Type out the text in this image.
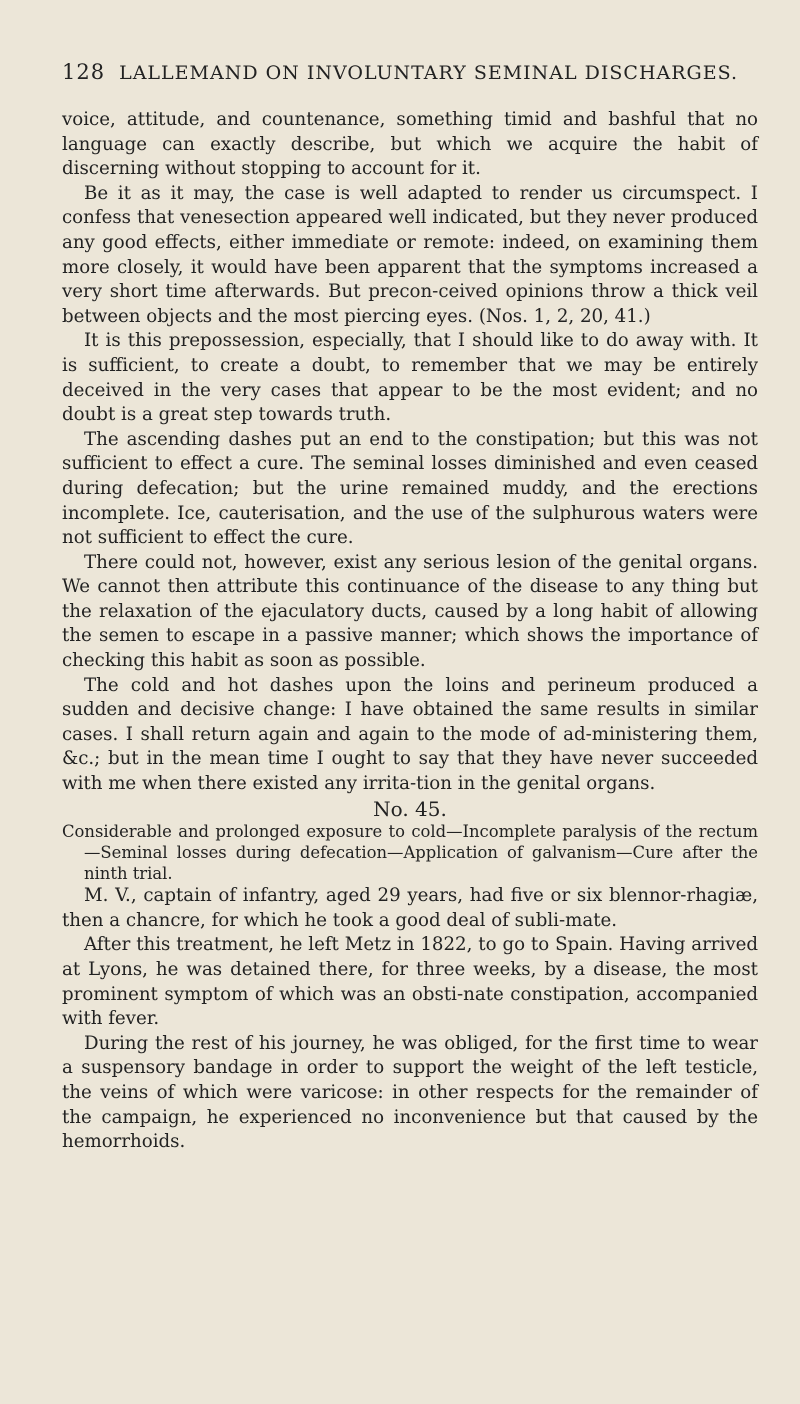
128 LALLEMAND ON INVOLUNTARY SEMINAL DISCHARGES.

voice, attitude, and countenance, something timid and bashful that no language can exactly describe, but which we acquire the habit of discerning without stopping to account for it.

Be it as it may, the case is well adapted to render us circumspect. I confess that venesection appeared well indicated, but they never produced any good effects, either immediate or remote: indeed, on examining them more closely, it would have been apparent that the symptoms increased a very short time afterwards. But precon-ceived opinions throw a thick veil between objects and the most piercing eyes. (Nos. 1, 2, 20, 41.)

It is this prepossession, especially, that I should like to do away with. It is sufficient, to create a doubt, to remember that we may be entirely deceived in the very cases that appear to be the most evident; and no doubt is a great step towards truth.

The ascending dashes put an end to the constipation; but this was not sufficient to effect a cure. The seminal losses diminished and even ceased during defecation; but the urine remained muddy, and the erections incomplete. Ice, cauterisation, and the use of the sulphurous waters were not sufficient to effect the cure.

There could not, however, exist any serious lesion of the genital organs. We cannot then attribute this continuance of the disease to any thing but the relaxation of the ejaculatory ducts, caused by a long habit of allowing the semen to escape in a passive manner; which shows the importance of checking this habit as soon as possible.

The cold and hot dashes upon the loins and perineum produced a sudden and decisive change: I have obtained the same results in similar cases. I shall return again and again to the mode of ad-ministering them, &c.; but in the mean time I ought to say that they have never succeeded with me when there existed any irrita-tion in the genital organs.

No. 45.

Considerable and prolonged exposure to cold—Incomplete paralysis of the rectum—Seminal losses during defecation—Application of galvanism—Cure after the ninth trial.

M. V., captain of infantry, aged 29 years, had five or six blennor-rhagiæ, then a chancre, for which he took a good deal of subli-mate.

After this treatment, he left Metz in 1822, to go to Spain. Having arrived at Lyons, he was detained there, for three weeks, by a disease, the most prominent symptom of which was an obsti-nate constipation, accompanied with fever.

During the rest of his journey, he was obliged, for the first time to wear a suspensory bandage in order to support the weight of the left testicle, the veins of which were varicose: in other respects for the remainder of the campaign, he experienced no inconvenience but that caused by the hemorrhoids.
